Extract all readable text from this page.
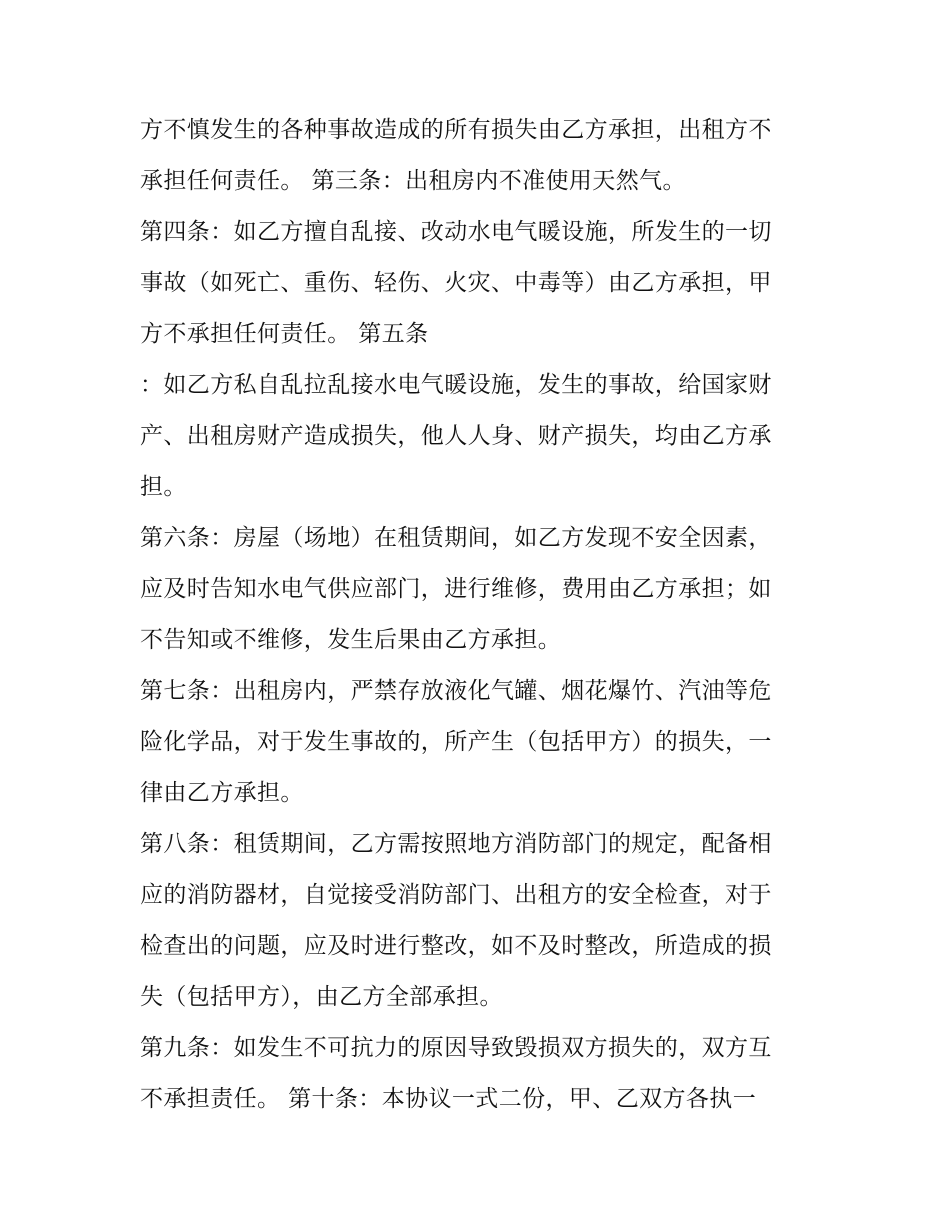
方不慎发生的各种事故造成的所有损失由乙方承担，出租方不
承担任何责任。 第三条：出租房内不准使用天然气。
第四条：如乙方擅自乱接、改动水电气暖设施，所发生的一切
事故（如死亡、重伤、轻伤、火灾、中毒等）由乙方承担，甲
方不承担任何责任。 第五条
：如乙方私自乱拉乱接水电气暖设施，发生的事故，给国家财
产、出租房财产造成损失，他人人身、财产损失，均由乙方承
担。
第六条：房屋（场地）在租赁期间，如乙方发现不安全因素，
应及时告知水电气供应部门，进行维修，费用由乙方承担；如
不告知或不维修，发生后果由乙方承担。
第七条：出租房内，严禁存放液化气罐、烟花爆竹、汽油等危
险化学品，对于发生事故的，所产生（包括甲方）的损失，一
律由乙方承担。
第八条：租赁期间，乙方需按照地方消防部门的规定，配备相
应的消防器材，自觉接受消防部门、出租方的安全检查，对于
检查出的问题，应及时进行整改，如不及时整改，所造成的损
失（包括甲方），由乙方全部承担。
第九条：如发生不可抗力的原因导致毁损双方损失的，双方互
不承担责任。 第十条：本协议一式二份，甲、乙双方各执一
